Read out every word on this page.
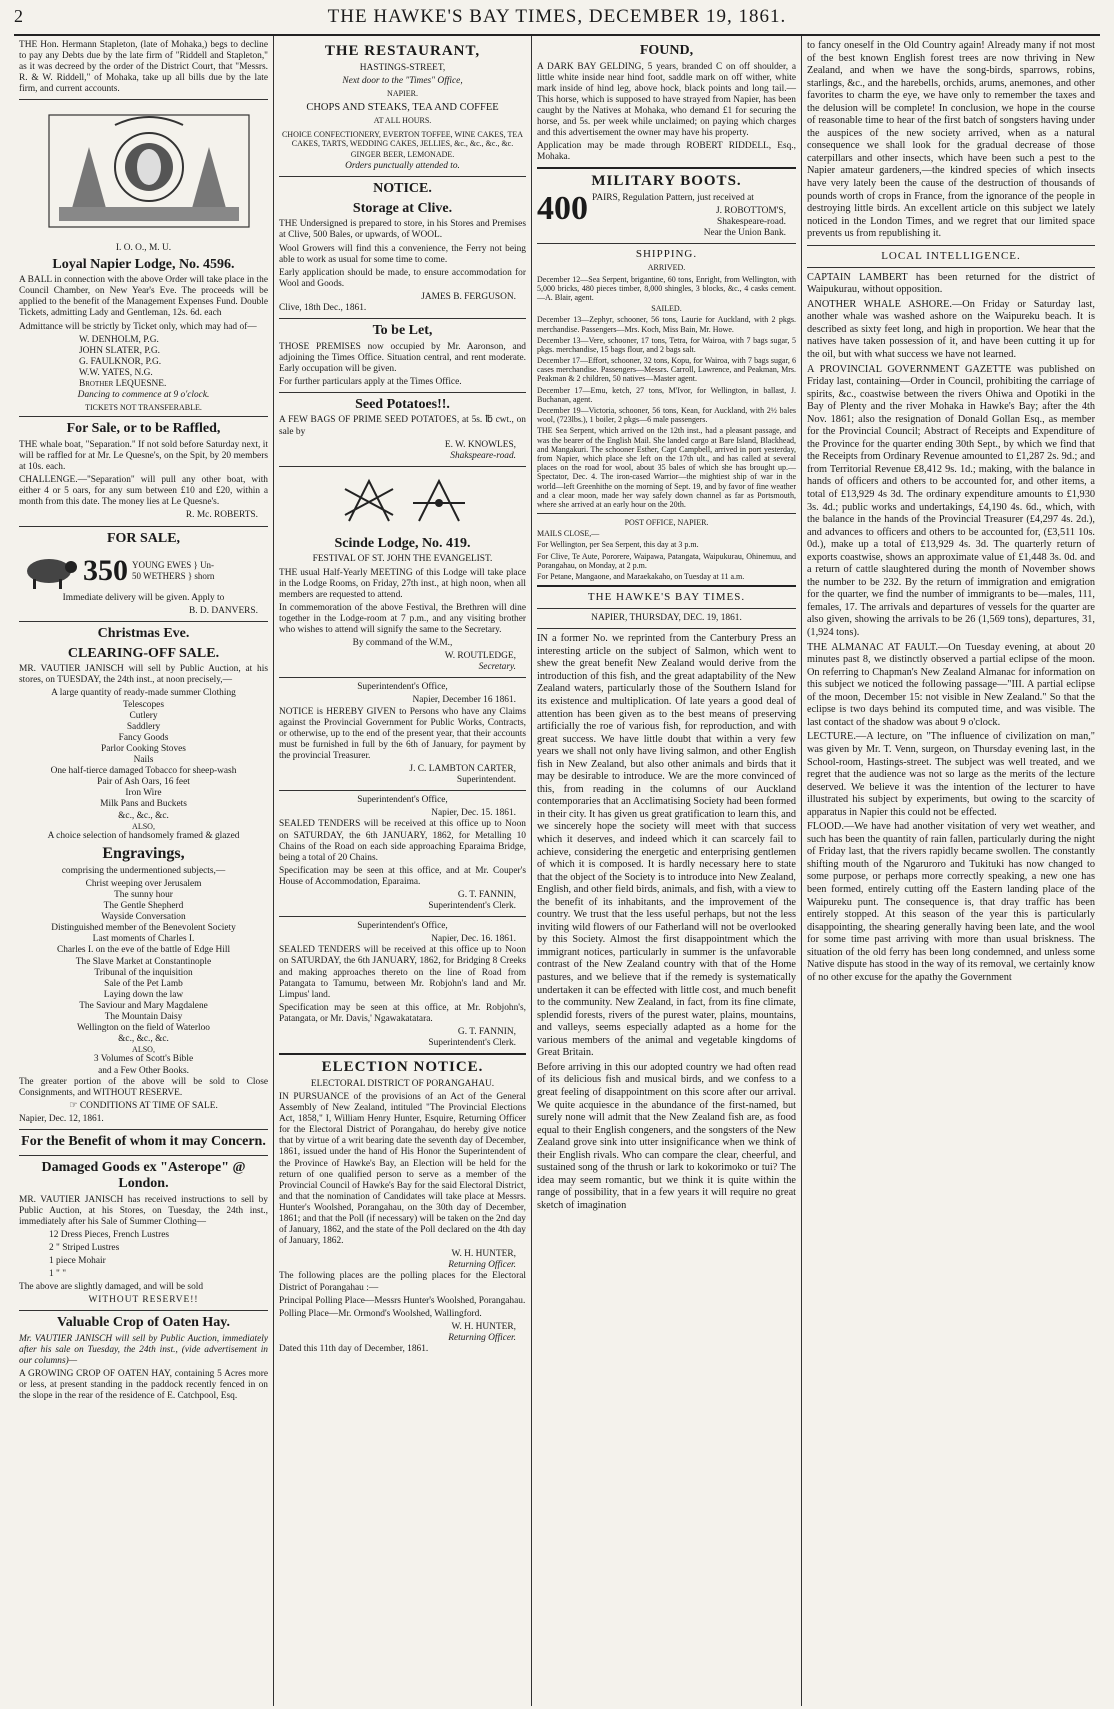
2	THE HAWKE'S BAY TIMES, DECEMBER 19, 1861.

THE Hon. Hermann Stapleton, (late of Mohaka,) begs to decline to pay any Debts due by the late firm of "Riddell and Stapleton," as it was decreed by the order of the District Court, that "Messrs. R. & W. Riddell," of Mohaka, take up all bills due by the late firm, and current accounts.

I. O. O., M. U.

Loyal Napier Lodge, No. 4596.

A BALL in connection with the above Order will take place in the Council Chamber, on New Year's Eve. The proceeds will be applied to the benefit of the Management Expenses Fund. Double Tickets, admitting Lady and Gentleman, 12s. 6d. each

Admittance will be strictly by Ticket only, which may had of—

W. DENHOLM, P.G.

JOHN SLATER, P.G.

G. FAULKNOR, P.G.

W.W. YATES, N.G.

Brother LEQUESNE.

Dancing to commence at 9 o'clock.

TICKETS NOT TRANSFERABLE.

For Sale, or to be Raffled,

THE whale boat, "Separation." If not sold before Saturday next, it will be raffled for at Mr. Le Quesne's, on the Spit, by 20 members at 10s. each.

CHALLENGE.—"Separation" will pull any other boat, with either 4 or 5 oars, for any sum between £10 and £20, within a month from this date. The money lies at Le Quesne's.

R. Mc. ROBERTS.

FOR SALE,
350 YOUNG EWES } Un-
50 WETHERS } shorn

Immediate delivery will be given. Apply to

B. D. DANVERS.

Christmas Eve.
CLEARING-OFF SALE.

MR. VAUTIER JANISCH will sell by Public Auction, at his stores, on TUESDAY, the 24th inst., at noon precisely,—

A large quantity of ready-made summer Clothing

Telescopes

Cutlery

Saddlery

Fancy Goods

Parlor Cooking Stoves

Nails

One half-tierce damaged Tobacco for sheep-wash

Pair of Ash Oars, 16 feet

Iron Wire

Milk Pans and Buckets

&c., &c., &c.

ALSO,

A choice selection of handsomely framed & glazed

Engravings,

comprising the undermentioned subjects,—

Christ weeping over Jerusalem

The sunny hour

The Gentle Shepherd

Wayside Conversation

Distinguished member of the Benevolent Society

Last moments of Charles I.

Charles I. on the eve of the battle of Edge Hill

The Slave Market at Constantinople

Tribunal of the inquisition

Sale of the Pet Lamb

Laying down the law

The Saviour and Mary Magdalene

The Mountain Daisy

Wellington on the field of Waterloo

&c., &c., &c.

ALSO,

3 Volumes of Scott's Bible

and a Few Other Books.

The greater portion of the above will be sold to Close Consignments, and WITHOUT RESERVE.

☞ CONDITIONS AT TIME OF SALE.

Napier, Dec. 12, 1861.

For the Benefit of whom it may Concern.
Damaged Goods ex "Asterope" @ London.

MR. VAUTIER JANISCH has received instructions to sell by Public Auction, at his Stores, on Tuesday, the 24th inst., immediately after his Sale of Summer Clothing—

12 Dress Pieces, French Lustres

2 " Striped Lustres

1 piece Mohair

1 " "

The above are slightly damaged, and will be sold

WITHOUT RESERVE!!

Valuable Crop of Oaten Hay.

Mr. VAUTIER JANISCH will sell by Public Auction, immediately after his sale on Tuesday, the 24th inst., (vide advertisement in our columns)—

A GROWING CROP OF OATEN HAY, containing 5 Acres more or less, at present standing in the paddock recently fenced in on the slope in the rear of the residence of E. Catchpool, Esq.

THE RESTAURANT,

HASTINGS-STREET,

Next door to the "Times" Office,

NAPIER.

CHOPS AND STEAKS, TEA AND COFFEE

AT ALL HOURS.

CHOICE CONFECTIONERY, EVERTON TOFFEE, WINE CAKES, TEA CAKES, TARTS, WEDDING CAKES, JELLIES, &c., &c., &c., &c.

GINGER BEER, LEMONADE.

Orders punctually attended to.

NOTICE.
Storage at Clive.

THE Undersigned is prepared to store, in his Stores and Premises at Clive, 500 Bales, or upwards, of WOOL.

Wool Growers will find this a convenience, the Ferry not being able to work as usual for some time to come.

Early application should be made, to ensure accommodation for Wool and Goods.

JAMES B. FERGUSON.

Clive, 18th Dec., 1861.

To be Let,

THOSE PREMISES now occupied by Mr. Aaronson, and adjoining the Times Office. Situation central, and rent moderate. Early occupation will be given.

For further particulars apply at the Times Office.

Seed Potatoes!!.

A FEW BAGS OF PRIME SEED POTATOES, at 5s. ℔ cwt., on sale by

E. W. KNOWLES,

Shakspeare-road.

Scinde Lodge, No. 419.

FESTIVAL OF ST. JOHN THE EVANGELIST.

THE usual Half-Yearly MEETING of this Lodge will take place in the Lodge Rooms, on Friday, 27th inst., at high noon, when all members are requested to attend.

In commemoration of the above Festival, the Brethren will dine together in the Lodge-room at 7 p.m., and any visiting brother who wishes to attend will signify the same to the Secretary.

By command of the W.M.,

W. ROUTLEDGE,

Secretary.

Superintendent's Office,

Napier, December 16 1861.

NOTICE is HEREBY GIVEN to Persons who have any Claims against the Provincial Government for Public Works, Contracts, or otherwise, up to the end of the present year, that their accounts must be furnished in full by the 6th of January, for payment by the provincial Treasurer.

J. C. LAMBTON CARTER,

Superintendent.

Superintendent's Office,

Napier, Dec. 15. 1861.

SEALED TENDERS will be received at this office up to Noon on SATURDAY, the 6th JANUARY, 1862, for Metalling 10 Chains of the Road on each side approaching Eparaima Bridge, being a total of 20 Chains.

Specification may be seen at this office, and at Mr. Couper's House of Accommodation, Eparaima.

G. T. FANNIN,

Superintendent's Clerk.

Superintendent's Office,

Napier, Dec. 16. 1861.

SEALED TENDERS will be received at this office up to Noon on SATURDAY, the 6th JANUARY, 1862, for Bridging 8 Creeks and making approaches thereto on the line of Road from Patangata to Tamumu, between Mr. Robjohn's land and Mr. Limpus' land.

Specification may be seen at this office, at Mr. Robjohn's, Patangata, or Mr. Davis,' Ngawakatatara.

G. T. FANNIN,

Superintendent's Clerk.

ELECTION NOTICE.

ELECTORAL DISTRICT OF PORANGAHAU.

IN PURSUANCE of the provisions of an Act of the General Assembly of New Zealand, intituled "The Provincial Elections Act, 1858," I, William Henry Hunter, Esquire, Returning Officer for the Electoral District of Porangahau, do hereby give notice that by virtue of a writ bearing date the seventh day of December, 1861, issued under the hand of His Honor the Superintendent of the Province of Hawke's Bay, an Election will be held for the return of one qualified person to serve as a member of the Provincial Council of Hawke's Bay for the said Electoral District, and that the nomination of Candidates will take place at Messrs. Hunter's Woolshed, Porangahau, on the 30th day of December, 1861; and that the Poll (if necessary) will be taken on the 2nd day of January, 1862, and the state of the Poll declared on the 4th day of January, 1862.

W. H. HUNTER,

Returning Officer.

The following places are the polling places for the Electoral District of Porangahau :—

Principal Polling Place—Messrs Hunter's Woolshed, Porangahau.

Polling Place—Mr. Ormond's Woolshed, Wallingford.

W. H. HUNTER,

Returning Officer.

Dated this 11th day of December, 1861.

FOUND,

A DARK BAY GELDING, 5 years, branded C on off shoulder, a little white inside near hind foot, saddle mark on off wither, white mark inside of hind leg, above hock, black points and long tail.—This horse, which is supposed to have strayed from Napier, has been caught by the Natives at Mohaka, who demand £1 for securing the horse, and 5s. per week while unclaimed; on paying which charges and this advertisement the owner may have his property.

Application may be made through ROBERT RIDDELL, Esq., Mohaka.

MILITARY BOOTS.
400 PAIRS, Regulation Pattern, just received at

J. ROBOTTOM'S,

Shakespeare-road.

Near the Union Bank.

SHIPPING.

ARRIVED.

December 12—Sea Serpent, brigantine, 60 tons, Enright, from Wellington, with 5,000 bricks, 480 pieces timber, 8,000 shingles, 3 blocks, &c., 4 casks cement.—A. Blair, agent.

SAILED.

December 13—Zephyr, schooner, 56 tons, Laurie for Auckland, with 2 pkgs. merchandise. Passengers—Mrs. Koch, Miss Bain, Mr. Howe.

December 13—Vere, schooner, 17 tons, Tetra, for Wairoa, with 7 bags sugar, 5 pkgs. merchandise, 15 bags flour, and 2 bags salt.

December 17—Effort, schooner, 32 tons, Kopu, for Wairoa, with 7 bags sugar, 6 cases merchandise. Passengers—Messrs. Carroll, Lawrence, and Peakman, Mrs. Peakman & 2 children, 50 natives—Master agent.

December 17—Emu, ketch, 27 tons, M'Ivor, for Wellington, in ballast, J. Buchanan, agent.

December 19—Victoria, schooner, 56 tons, Kean, for Auckland, with 2½ bales wool, (723lbs.), 1 boiler, 2 pkgs—6 male passengers.

THE Sea Serpent, which arrived on the 12th inst., had a pleasant passage, and was the bearer of the English Mail. She landed cargo at Bare Island, Blackhead, and Mangakuri. The schooner Esther, Capt Campbell, arrived in port yesterday, from Napier, which place she left on the 17th ult., and has called at several places on the road for wool, about 35 bales of which she has brought up.—Spectator, Dec. 4. The iron-cased Warrior—the mightiest ship of war in the world—left Greenhithe on the morning of Sept. 19, and by favor of fine weather and a clear moon, made her way safely down channel as far as Portsmouth, where she arrived at an early hour on the 20th.

POST OFFICE, NAPIER.

MAILS CLOSE,—

For Wellington, per Sea Serpent, this day at 3 p.m.

For Clive, Te Aute, Pororere, Waipawa, Patangata, Waipukurau, Ohinemuu, and Porangahau, on Monday, at 2 p.m.

For Petane, Mangaone, and Maraekakaho, on Tuesday at 11 a.m.

THE HAWKE'S BAY TIMES.

NAPIER, THURSDAY, DEC. 19, 1861.

IN a former No. we reprinted from the Canterbury Press an interesting article on the subject of Salmon, which went to shew the great benefit New Zealand would derive from the introduction of this fish, and the great adaptability of the New Zealand waters, particularly those of the Southern Island for its existence and multiplication. Of late years a good deal of attention has been given as to the best means of preserving artificially the roe of various fish, for reproduction, and with great success. We have little doubt that within a very few years we shall not only have living salmon, and other English fish in New Zealand, but also other animals and birds that it may be desirable to introduce. We are the more convinced of this, from reading in the columns of our Auckland contemporaries that an Acclimatising Society had been formed in their city. It has given us great gratification to learn this, and we sincerely hope the society will meet with that success which it deserves, and indeed which it can scarcely fail to achieve, considering the energetic and enterprising gentlemen of which it is composed. It is hardly necessary here to state that the object of the Society is to introduce into New Zealand, English, and other field birds, animals, and fish, with a view to the benefit of its inhabitants, and the improvement of the country. We trust that the less useful perhaps, but not the less inviting wild flowers of our Fatherland will not be overlooked by this Society. Almost the first disappointment which the immigrant notices, particularly in summer is the unfavorable contrast of the New Zealand country with that of the Home pastures, and we believe that if the remedy is systematically undertaken it can be effected with little cost, and much benefit to the community. New Zealand, in fact, from its fine climate, splendid forests, rivers of the purest water, plains, mountains, and valleys, seems especially adapted as a home for the various members of the animal and vegetable kingdoms of Great Britain.

Before arriving in this our adopted country we had often read of its delicious fish and musical birds, and we confess to a great feeling of disappointment on this score after our arrival. We quite acquiesce in the abundance of the first-named, but surely none will admit that the New Zealand fish are, as food equal to their English congeners, and the songsters of the New Zealand grove sink into utter insignificance when we think of their English rivals. Who can compare the clear, cheerful, and sustained song of the thrush or lark to kokorimoko or tui? The idea may seem romantic, but we think it is quite within the range of possibility, that in a few years it will require no great sketch of imagination

to fancy oneself in the Old Country again! Already many if not most of the best known English forest trees are now thriving in New Zealand, and when we have the song-birds, sparrows, robins, starlings, &c., and the harebells, orchids, arums, anemones, and other favorites to charm the eye, we have only to remember the taxes and the delusion will be complete! In conclusion, we hope in the course of reasonable time to hear of the first batch of songsters having under the auspices of the new society arrived, when as a natural consequence we shall look for the gradual decrease of those caterpillars and other insects, which have been such a pest to the Napier amateur gardeners,—the kindred species of which insects have very lately been the cause of the destruction of thousands of pounds worth of crops in France, from the ignorance of the people in destroying little birds. An excellent article on this subject we lately noticed in the London Times, and we regret that our limited space prevents us from republishing it.

LOCAL INTELLIGENCE.

CAPTAIN LAMBERT has been returned for the district of Waipukurau, without opposition.

ANOTHER WHALE ASHORE.—On Friday or Saturday last, another whale was washed ashore on the Waipureku beach. It is described as sixty feet long, and high in proportion. We hear that the natives have taken possession of it, and have been cutting it up for the oil, but with what success we have not learned.

A PROVINCIAL GOVERNMENT GAZETTE was published on Friday last, containing—Order in Council, prohibiting the carriage of spirits, &c., coastwise between the rivers Ohiwa and Opotiki in the Bay of Plenty and the river Mohaka in Hawke's Bay; after the 4th Nov. 1861; also the resignation of Donald Gollan Esq., as member for the Provincial Council; Abstract of Receipts and Expenditure of the Province for the quarter ending 30th Sept., by which we find that the Receipts from Ordinary Revenue amounted to £1,287 2s. 9d.; and from Territorial Revenue £8,412 9s. 1d.; making, with the balance in hands of officers and others to be accounted for, and other items, a total of £13,929 4s 3d. The ordinary expenditure amounts to £1,930 3s. 4d.; public works and undertakings, £4,190 4s. 6d., which, with the balance in the hands of the Provincial Treasurer (£4,297 4s. 2d.), and advances to officers and others to be accounted for, (£3,511 10s. 0d.), make up a total of £13,929 4s. 3d. The quarterly return of exports coastwise, shows an approximate value of £1,448 3s. 0d. and a return of cattle slaughtered during the month of November shows the number to be 232. By the return of immigration and emigration for the quarter, we find the number of immigrants to be—males, 111, females, 17. The arrivals and departures of vessels for the quarter are also given, showing the arrivals to be 26 (1,569 tons), departures, 31, (1,924 tons).

THE ALMANAC AT FAULT.—On Tuesday evening, at about 20 minutes past 8, we distinctly observed a partial eclipse of the moon. On referring to Chapman's New Zealand Almanac for information on this subject we noticed the following passage—"III. A partial eclipse of the moon, December 15: not visible in New Zealand." So that the eclipse is two days behind its computed time, and was visible. The last contact of the shadow was about 9 o'clock.

LECTURE.—A lecture, on "The influence of civilization on man," was given by Mr. T. Venn, surgeon, on Thursday evening last, in the School-room, Hastings-street. The subject was well treated, and we regret that the audience was not so large as the merits of the lecture deserved. We believe it was the intention of the lecturer to have illustrated his subject by experiments, but owing to the scarcity of apparatus in Napier this could not be effected.

FLOOD.—We have had another visitation of very wet weather, and such has been the quantity of rain fallen, particularly during the night of Friday last, that the rivers rapidly became swollen. The constantly shifting mouth of the Ngaruroro and Tukituki has now changed to some purpose, or perhaps more correctly speaking, a new one has been formed, entirely cutting off the Eastern landing place of the Waipureku punt. The consequence is, that dray traffic has been entirely stopped. At this season of the year this is particularly disappointing, the shearing generally having been late, and the wool for some time past arriving with more than usual briskness. The situation of the old ferry has been long condemned, and unless some Native dispute has stood in the way of its removal, we certainly know of no other excuse for the apathy the Government
